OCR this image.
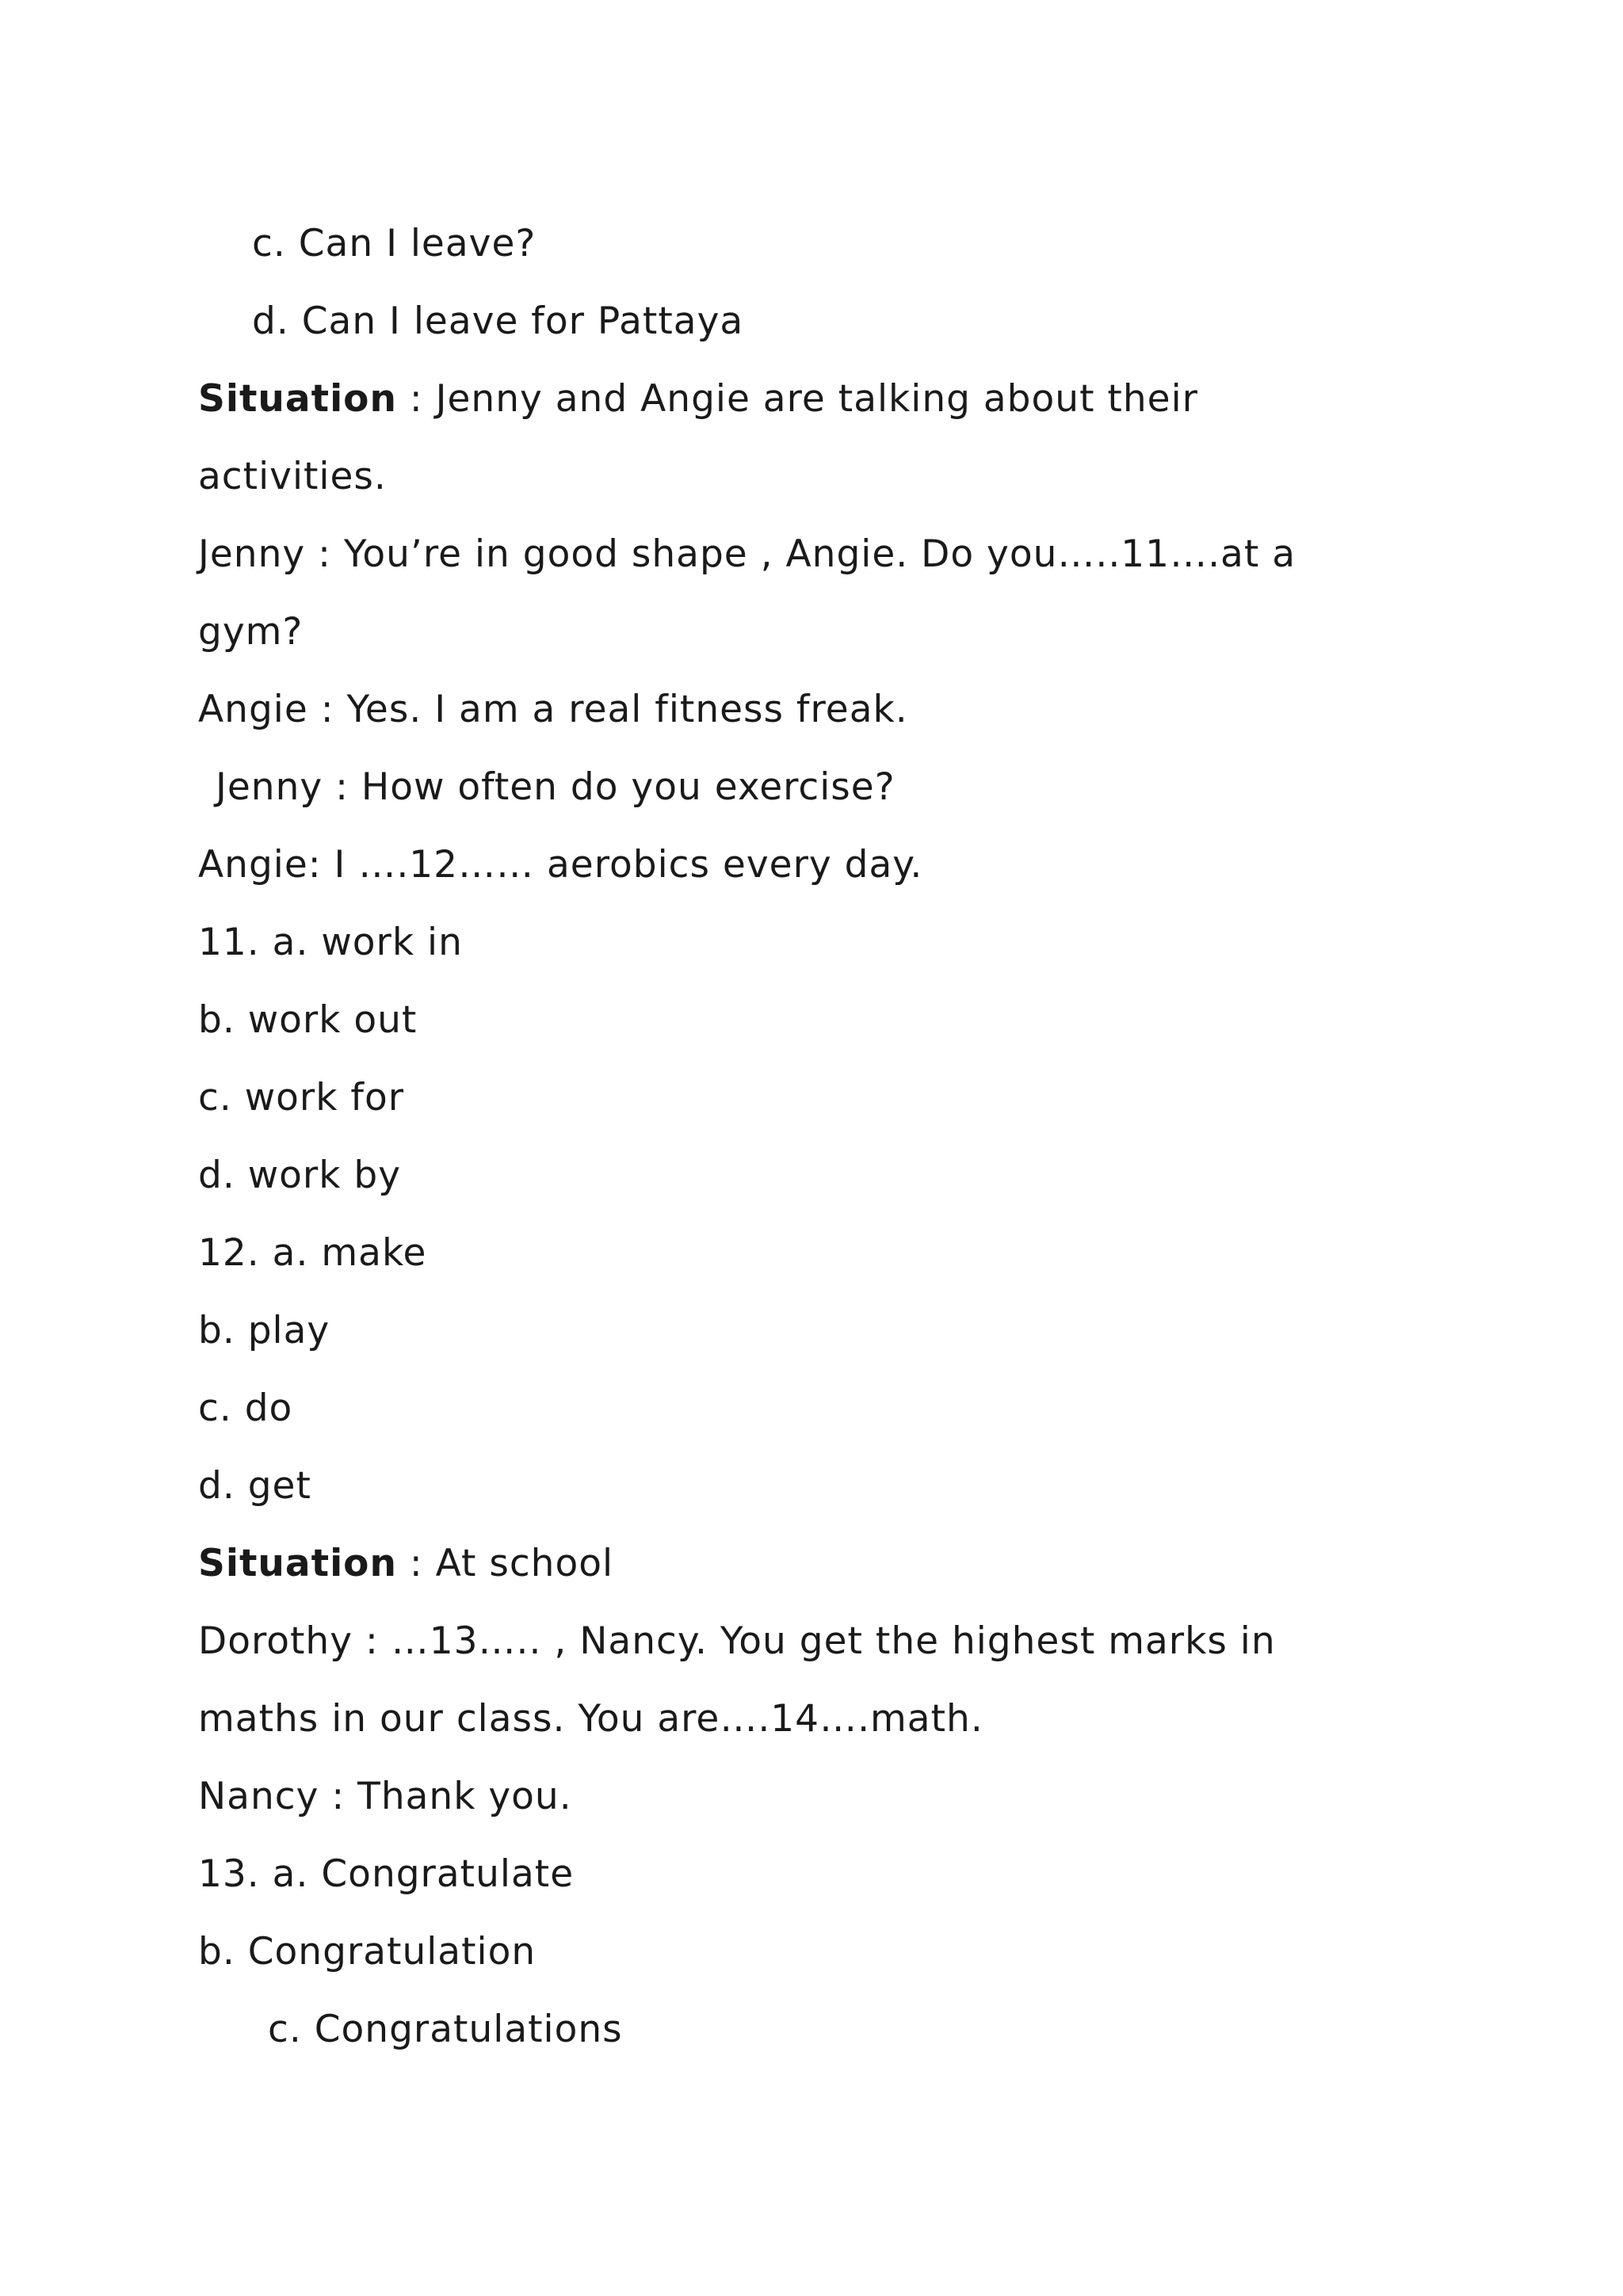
c. Can I leave?
d. Can I leave for Pattaya
Situation : Jenny and Angie are talking about their
activities.
Jenny : You’re in good shape , Angie. Do you…..11….at a
gym?
Angie : Yes. I am a real fitness freak.
Jenny : How often do you exercise?
Angie: I ….12…… aerobics every day.
11. a. work in
b. work out
c. work for
d. work by
12. a. make
b. play
c. do
d. get
Situation : At school
Dorothy : …13….. , Nancy. You get the highest marks in
maths in our class. You are….14….math.
Nancy : Thank you.
13. a. Congratulate
b. Congratulation
c. Congratulations
